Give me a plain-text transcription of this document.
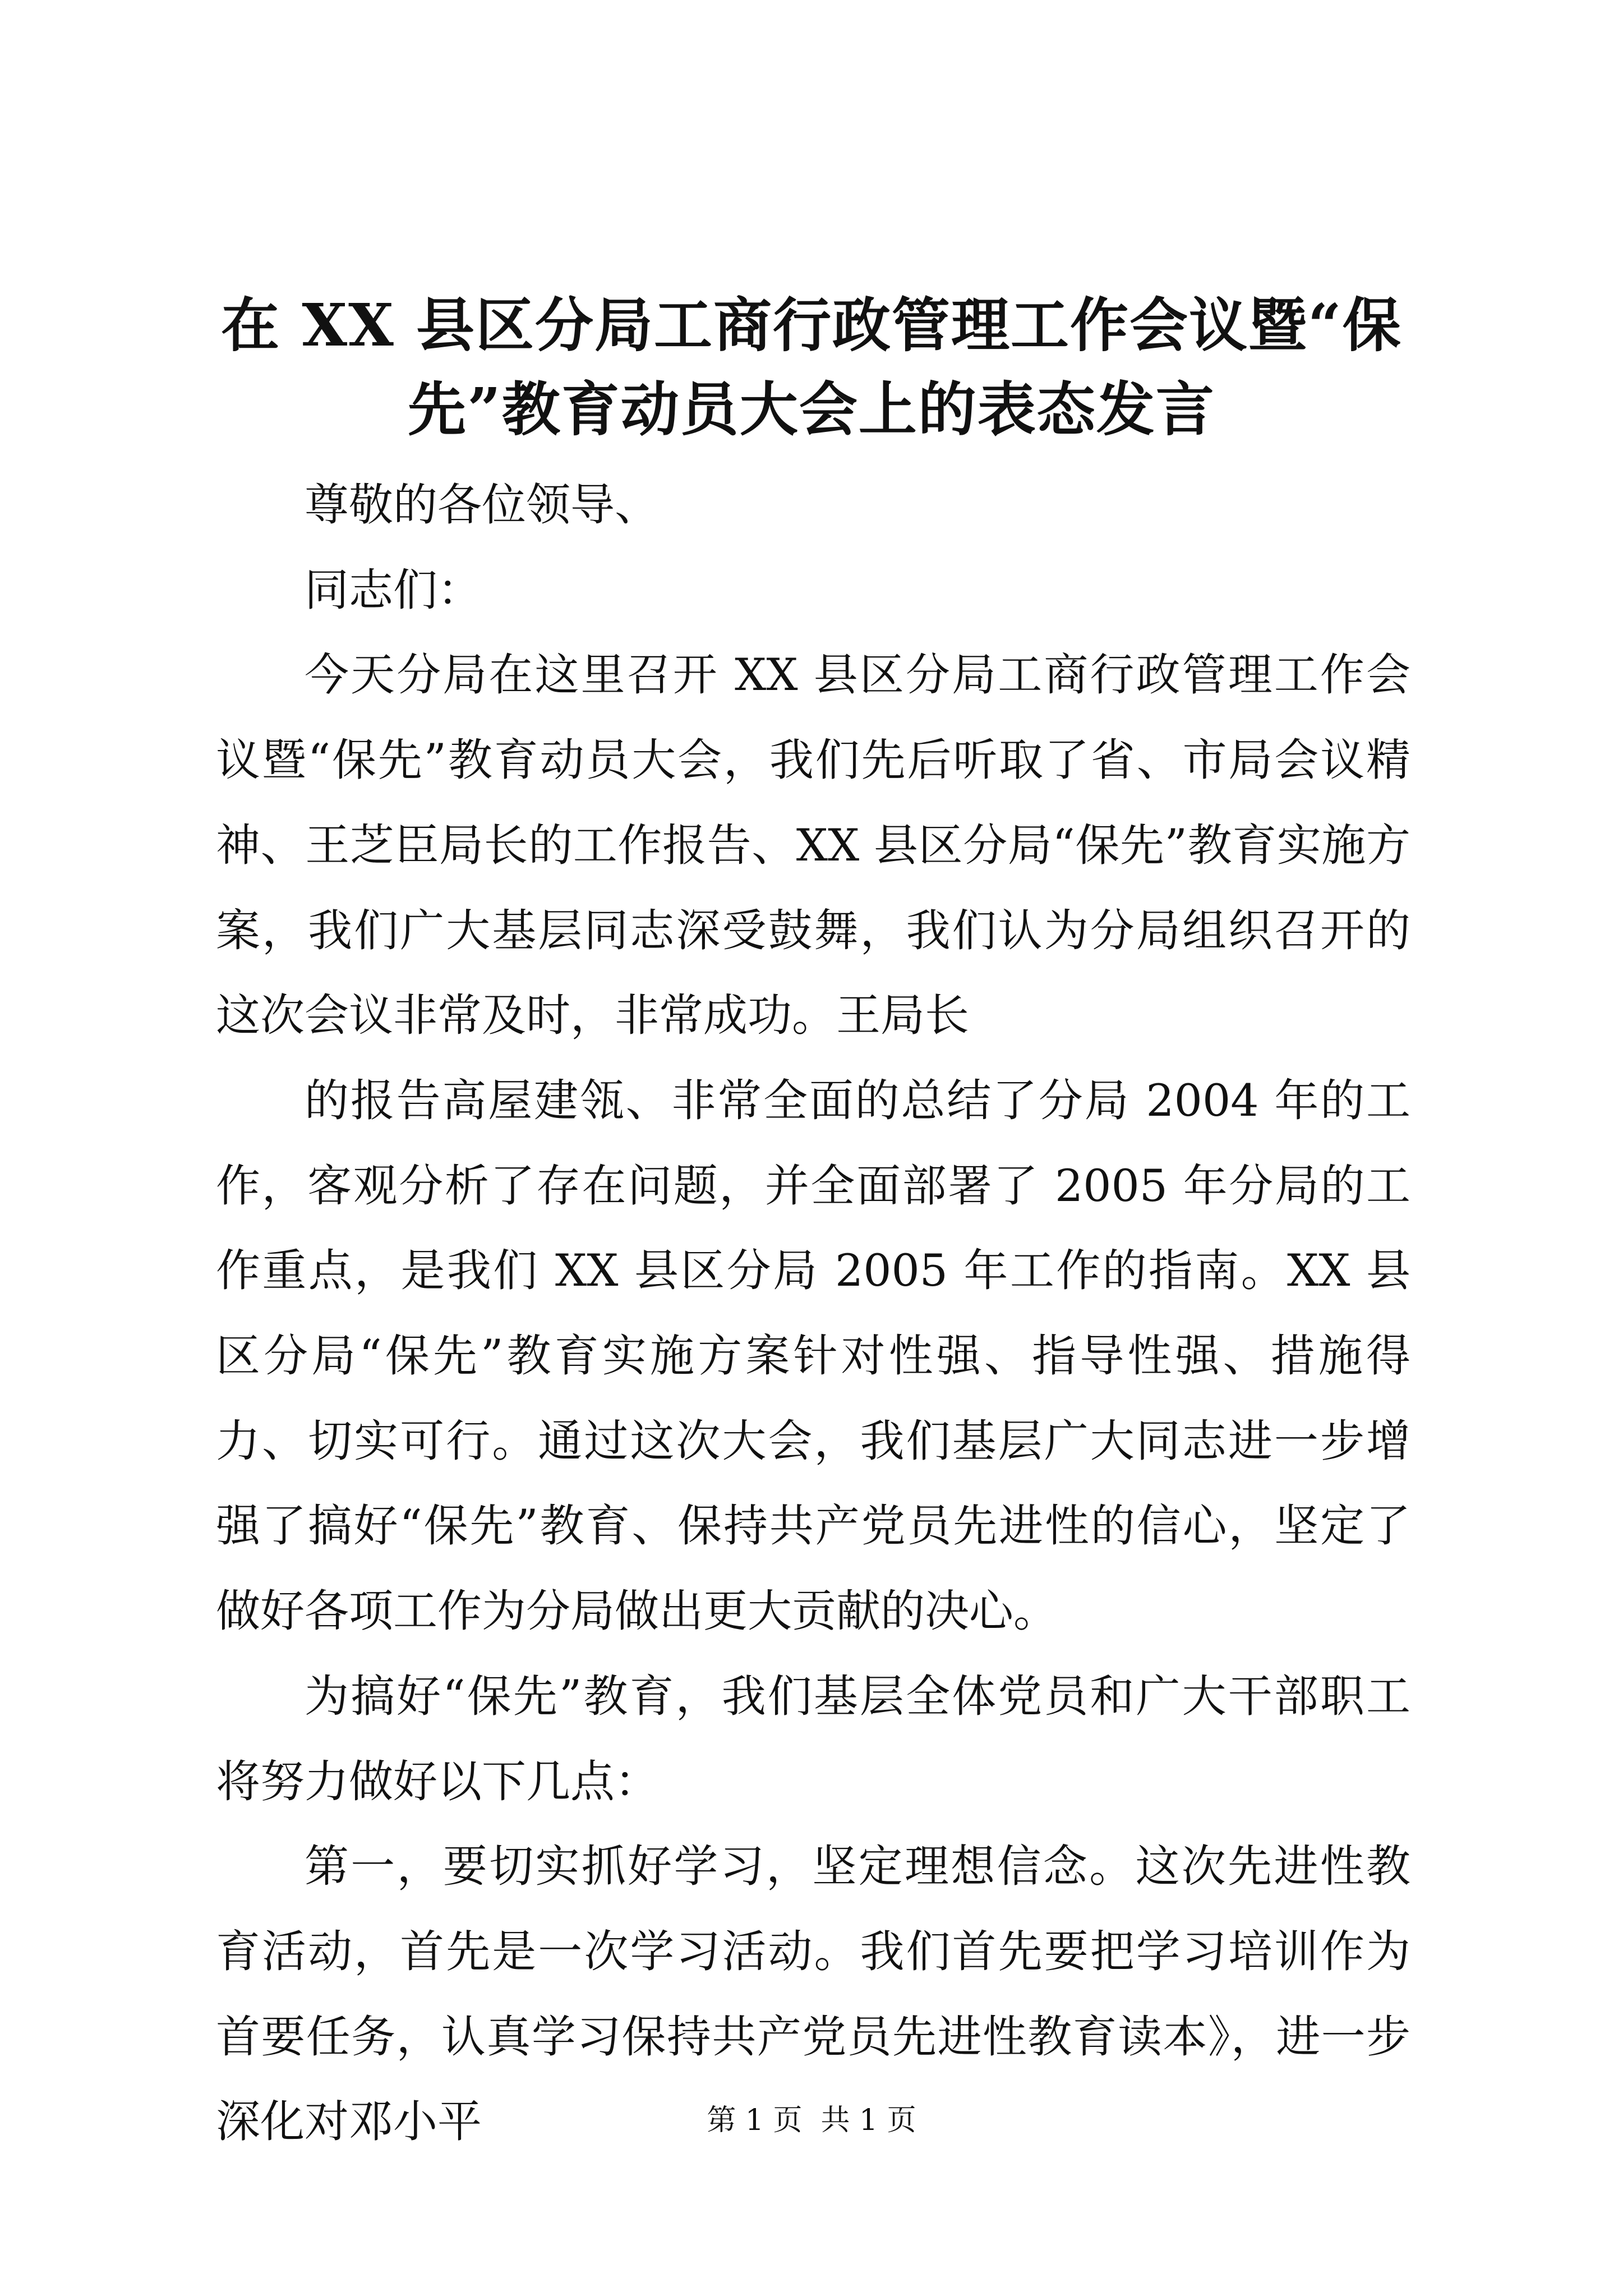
在 XX 县区分局工商行政管理工作会议暨“保
先”教育动员大会上的表态发言

尊敬的各位领导、

同志们：

今天分局在这里召开 XX 县区分局工商行政管理工作会议暨“保先”教育动员大会，我们先后听取了省、市局会议精神、王芝臣局长的工作报告、XX 县区分局“保先”教育实施方案，我们广大基层同志深受鼓舞，我们认为分局组织召开的这次会议非常及时，非常成功。王局长

的报告高屋建瓴、非常全面的总结了分局 2004 年的工作，客观分析了存在问题，并全面部署了 2005 年分局的工作重点，是我们 XX 县区分局 2005 年工作的指南。XX 县区分局“保先”教育实施方案针对性强、指导性强、措施得力、切实可行。通过这次大会，我们基层广大同志进一步增强了搞好“保先”教育、保持共产党员先进性的信心，坚定了做好各项工作为分局做出更大贡献的决心。

为搞好“保先”教育，我们基层全体党员和广大干部职工将努力做好以下几点：

第一，要切实抓好学习，坚定理想信念。这次先进性教育活动，首先是一次学习活动。我们首先要把学习培训作为首要任务，认真学习保持共产党员先进性教育读本》，进一步深化对邓小平	第 1 页  共 1 页
